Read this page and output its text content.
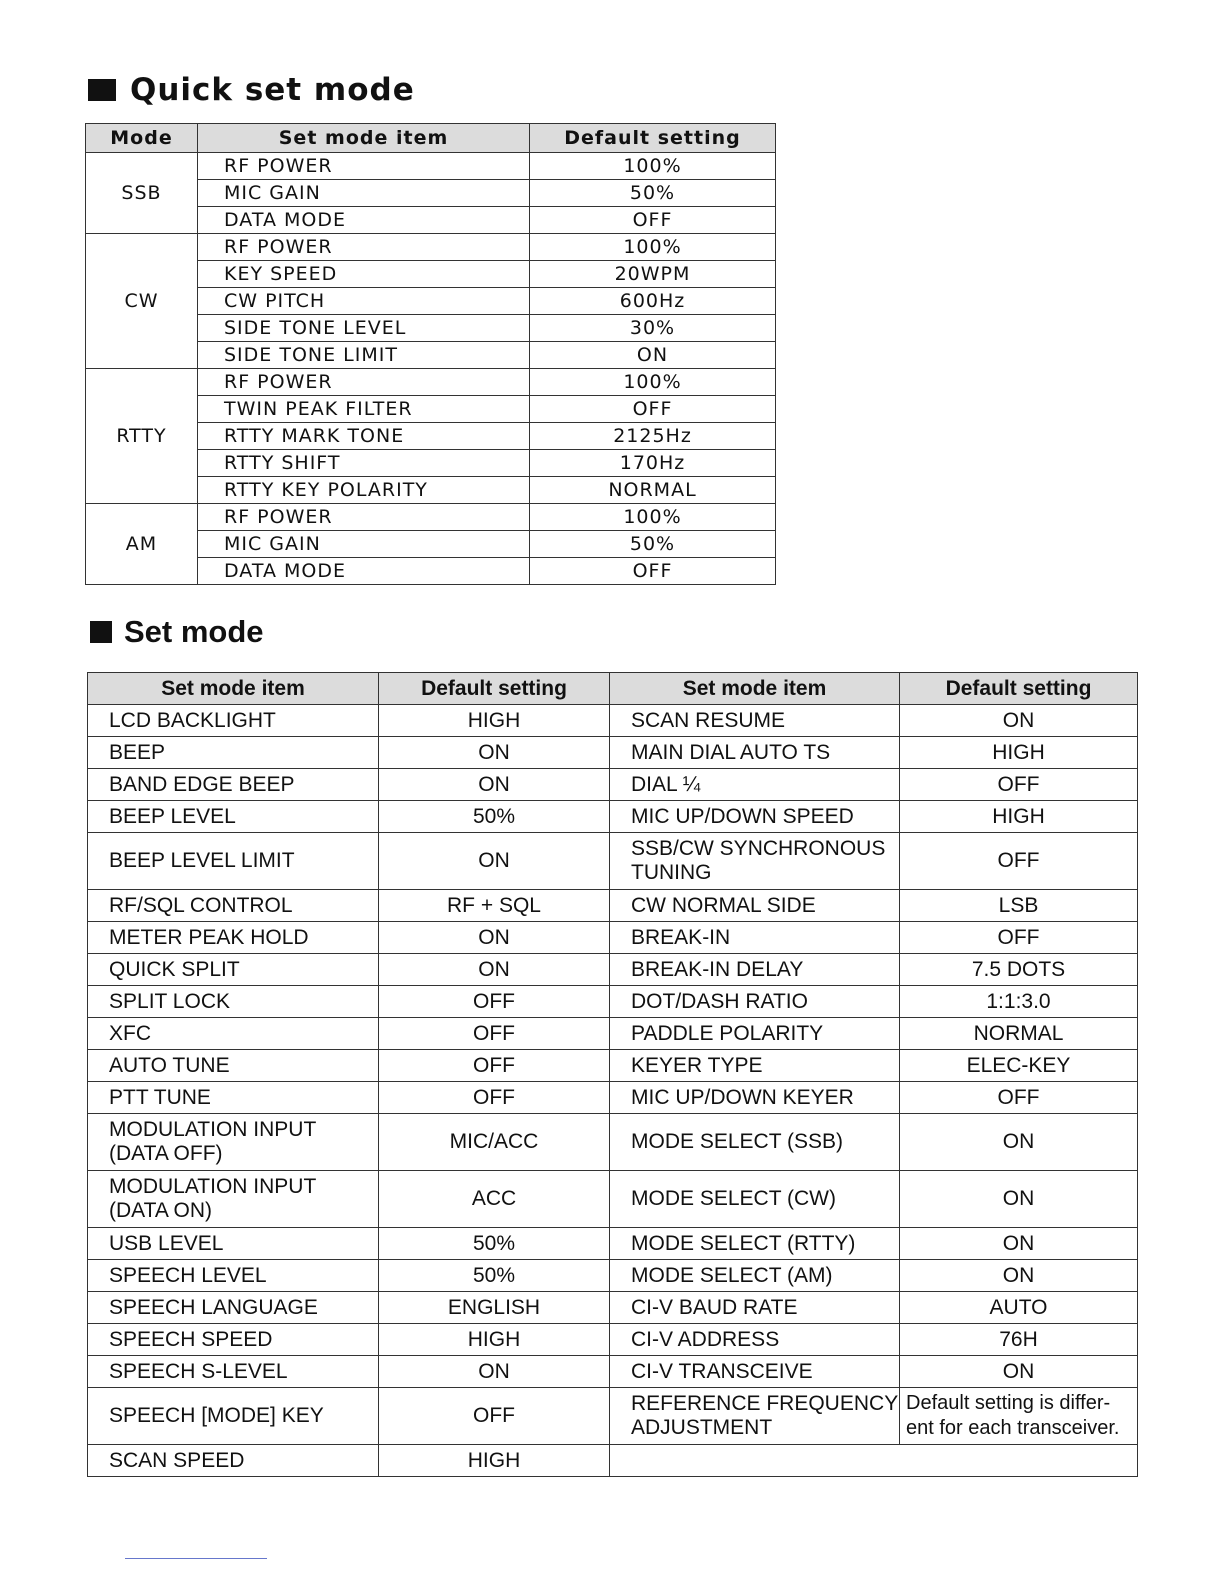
Quick set mode
Mode	Set mode item	Default setting
SSB	RF POWER	100%
	MIC GAIN	50%
	DATA MODE	OFF
CW	RF POWER	100%
	KEY SPEED	20WPM
	CW PITCH	600Hz
	SIDE TONE LEVEL	30%
	SIDE TONE LIMIT	ON
RTTY	RF POWER	100%
	TWIN PEAK FILTER	OFF
	RTTY MARK TONE	2125Hz
	RTTY SHIFT	170Hz
	RTTY KEY POLARITY	NORMAL
AM	RF POWER	100%
	MIC GAIN	50%
	DATA MODE	OFF
Set mode
Set mode item	Default setting	Set mode item	Default setting
LCD BACKLIGHT	HIGH	SCAN RESUME	ON
BEEP	ON	MAIN DIAL AUTO TS	HIGH
BAND EDGE BEEP	ON	DIAL ¼	OFF
BEEP LEVEL	50%	MIC UP/DOWN SPEED	HIGH
BEEP LEVEL LIMIT	ON	SSB/CW SYNCHRONOUS
TUNING	OFF
RF/SQL CONTROL	RF + SQL	CW NORMAL SIDE	LSB
METER PEAK HOLD	ON	BREAK-IN	OFF
QUICK SPLIT	ON	BREAK-IN DELAY	7.5 DOTS
SPLIT LOCK	OFF	DOT/DASH RATIO	1:1:3.0
XFC	OFF	PADDLE POLARITY	NORMAL
AUTO TUNE	OFF	KEYER TYPE	ELEC-KEY
PTT TUNE	OFF	MIC UP/DOWN KEYER	OFF
MODULATION INPUT
(DATA OFF)	MIC/ACC	MODE SELECT (SSB)	ON
MODULATION INPUT
(DATA ON)	ACC	MODE SELECT (CW)	ON
USB LEVEL	50%	MODE SELECT (RTTY)	ON
SPEECH LEVEL	50%	MODE SELECT (AM)	ON
SPEECH LANGUAGE	ENGLISH	CI-V BAUD RATE	AUTO
SPEECH SPEED	HIGH	CI-V ADDRESS	76H
SPEECH S-LEVEL	ON	CI-V TRANSCEIVE	ON
SPEECH [MODE] KEY	OFF	REFERENCE FREQUENCY
ADJUSTMENT	Default setting is differ-
ent for each transceiver.
SCAN SPEED	HIGH		
